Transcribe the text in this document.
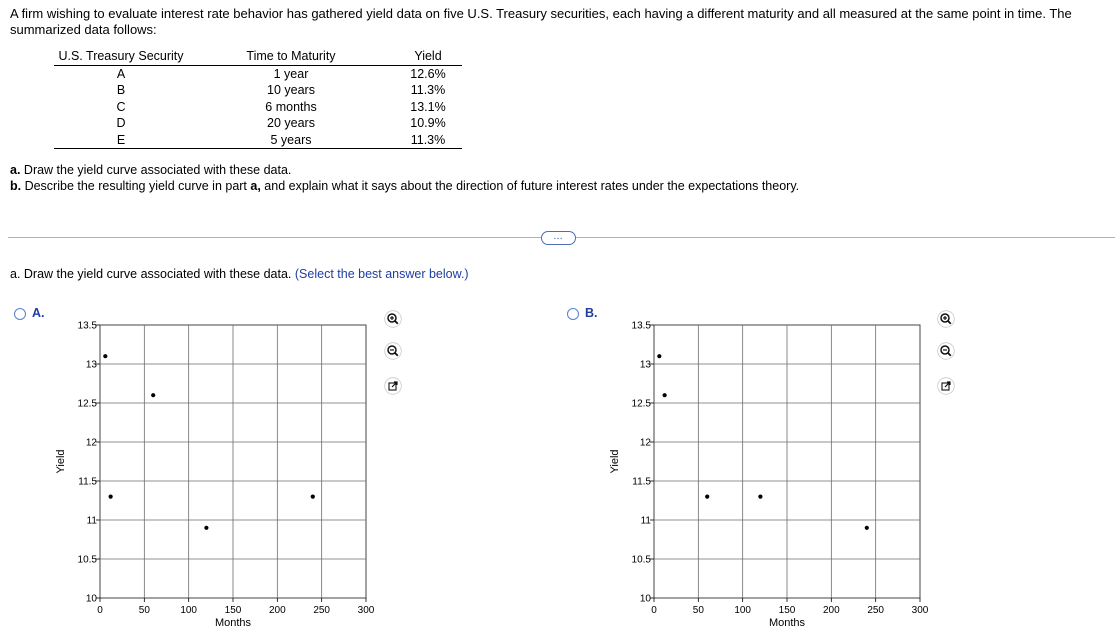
A firm wishing to evaluate interest rate behavior has gathered yield data on five U.S. Treasury securities, each having a different maturity and all measured at the same point in time. The summarized data follows:
U.S. Treasury Security	Time to Maturity	Yield
A	1 year	12.6%
B	10 years	11.3%
C	6 months	13.1%
D	20 years	10.9%
E	5 years	11.3%
a. Draw the yield curve associated with these data.
b. Describe the resulting yield curve in part a, and explain what it says about the direction of future interest rates under the expectations theory.
…
a. Draw the yield curve associated with these data. (Select the best answer below.)
A.
0	50	100	150	200	250	300
10
10.5
11
11.5
12
12.5
13
13.5
Months
Yield
B.
0	50	100	150	200	250	300
10
10.5
11
11.5
12
12.5
13
13.5
Months
Yield
